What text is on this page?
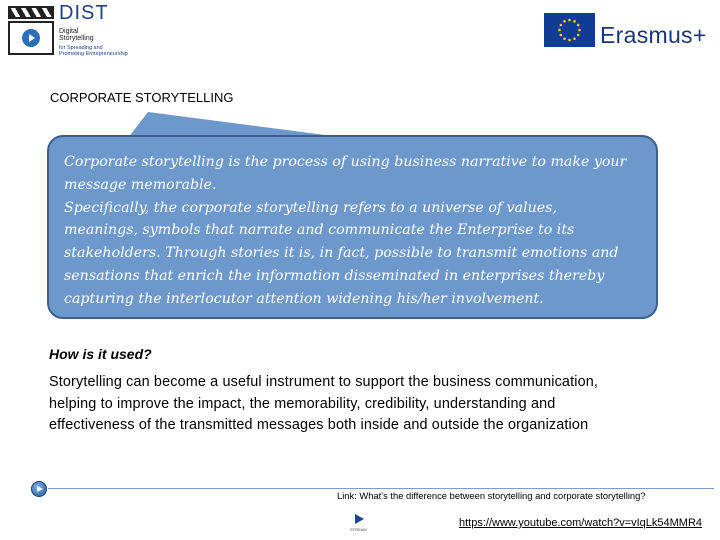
DIST
Digital
Storytelling
for Spreading and
Promoting Entrepreneurship
Erasmus+
CORPORATE STORYTELLING
Corporate storytelling is the process of using business narrative to make your
message memorable.
Specifically, the corporate storytelling refers to a universe of values,
meanings, symbols that narrate and communicate the Enterprise to its
stakeholders. Through stories it is, in fact, possible to transmit emotions and
sensations that enrich the information disseminated in enterprises thereby
capturing the interlocutor attention widening his/her involvement.
How is it used?
Storytelling can become a useful instrument to support the business communication,
helping to improve the impact, the memorability, credibility, understanding and
effectiveness of the transmitted messages both inside and outside the organization
Link: What's the difference between storytelling and corporate storytelling?
STREAM
https://www.youtube.com/watch?v=vIqLk54MMR4
